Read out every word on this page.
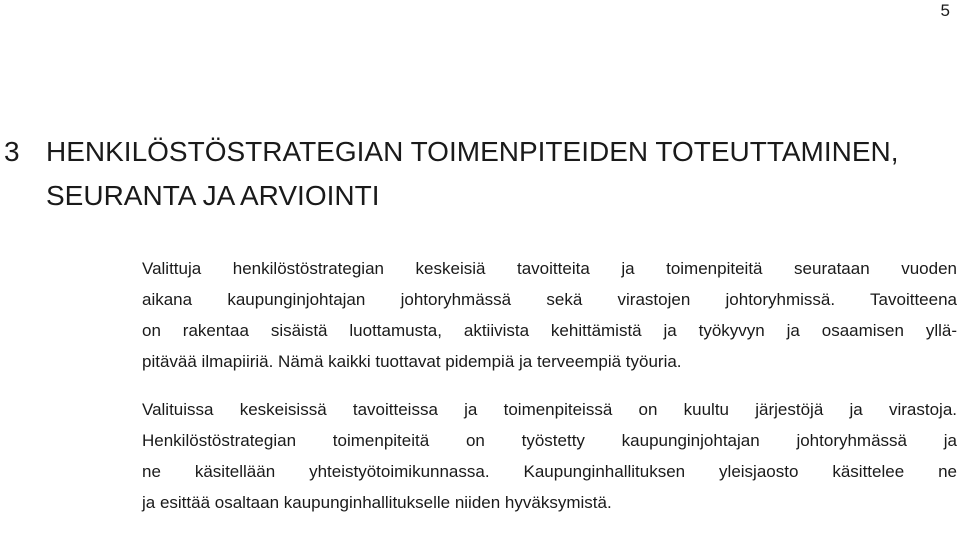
5
3 HENKILÖSTÖSTRATEGIAN TOIMENPITEIDEN TOTEUTTAMINEN,
SEURANTA JA ARVIOINTI

Valittuja henkilöstöstrategian keskeisiä tavoitteita ja toimenpiteitä seurataan vuoden
aikana kaupunginjohtajan johtoryhmässä sekä virastojen johtoryhmissä. Tavoitteena
on rakentaa sisäistä luottamusta, aktiivista kehittämistä ja työkyvyn ja osaamisen yllä-
pitävää ilmapiiriä. Nämä kaikki tuottavat pidempiä ja terveempiä työuria.

Valituissa keskeisissä tavoitteissa ja toimenpiteissä on kuultu järjestöjä ja virastoja.
Henkilöstöstrategian toimenpiteitä on työstetty kaupunginjohtajan johtoryhmässä ja
ne käsitellään yhteistyötoimikunnassa. Kaupunginhallituksen yleisjaosto käsittelee ne
ja esittää osaltaan kaupunginhallitukselle niiden hyväksymistä.
